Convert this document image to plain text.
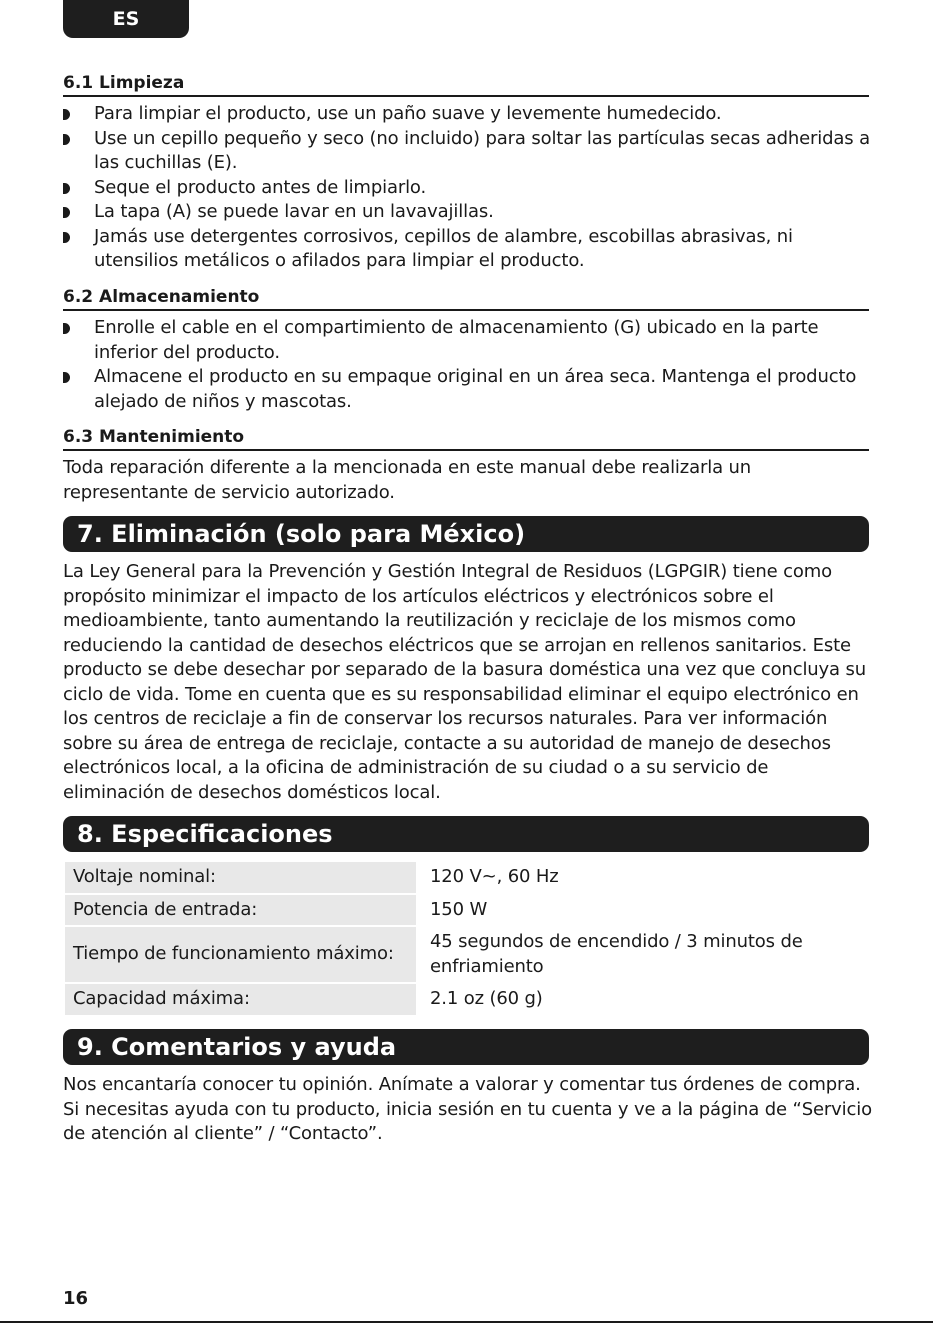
ES
6.1 Limpieza
Para limpiar el producto, use un paño suave y levemente humedecido.
Use un cepillo pequeño y seco (no incluido) para soltar las partículas secas adheridas a las cuchillas (E).
Seque el producto antes de limpiarlo.
La tapa (A) se puede lavar en un lavavajillas.
Jamás use detergentes corrosivos, cepillos de alambre, escobillas abrasivas, ni utensilios metálicos o afilados para limpiar el producto.
6.2 Almacenamiento
Enrolle el cable en el compartimiento de almacenamiento (G) ubicado en la parte inferior del producto.
Almacene el producto en su empaque original en un área seca. Mantenga el producto alejado de niños y mascotas.
6.3 Mantenimiento

Toda reparación diferente a la mencionada en este manual debe realizarla un representante de servicio autorizado.

7. Eliminación (solo para México)

La Ley General para la Prevención y Gestión Integral de Residuos (LGPGIR) tiene como propósito minimizar el impacto de los artículos eléctricos y electrónicos sobre el medioambiente, tanto aumentando la reutilización y reciclaje de los mismos como reduciendo la cantidad de desechos eléctricos que se arrojan en rellenos sanitarios. Este producto se debe desechar por separado de la basura doméstica una vez que concluya su ciclo de vida. Tome en cuenta que es su responsabilidad eliminar el equipo electrónico en los centros de reciclaje a fin de conservar los recursos naturales. Para ver información sobre su área de entrega de reciclaje, contacte a su autoridad de manejo de desechos electrónicos local, a la oficina de administración de su ciudad o a su servicio de eliminación de desechos domésticos local.

8. Especificaciones
Voltaje nominal:	120 V~, 60 Hz
Potencia de entrada:	150 W
Tiempo de funcionamiento máximo:	45 segundos de encendido / 3 minutos de enfriamiento
Capacidad máxima:	2.1 oz (60 g)
9. Comentarios y ayuda

Nos encantaría conocer tu opinión. Anímate a valorar y comentar tus órdenes de compra. Si necesitas ayuda con tu producto, inicia sesión en tu cuenta y ve a la página de “Servicio de atención al cliente” / “Contacto”.

16
